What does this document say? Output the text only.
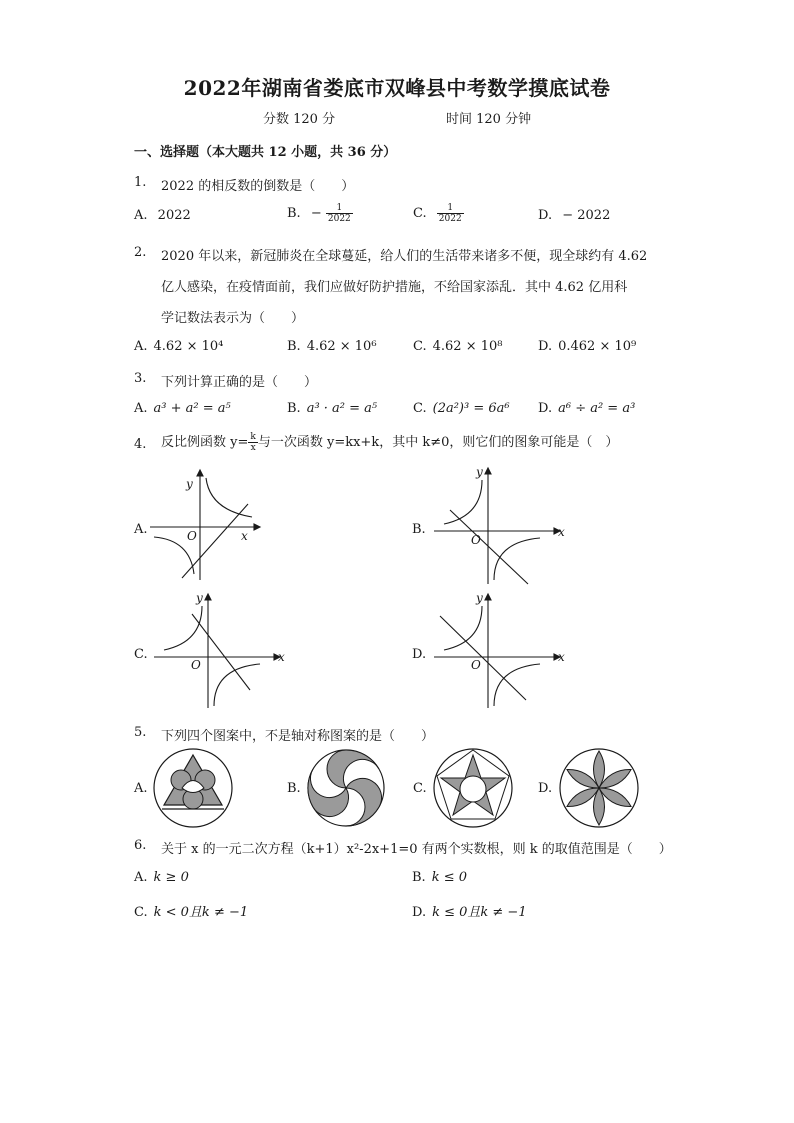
2022年湖南省娄底市双峰县中考数学摸底试卷
分数 120 分	时间 120 分钟
一、选择题（本大题共 12 小题，共 36 分）
1. 2022 的相反数的倒数是（　　）
A. 2022	B. − $\frac{1}{2022}$	C. $\frac{1}{2022}$	D. − 2022
2. 2020 年以来，新冠肺炎在全球蔓延，给人们的生活带来诸多不便，现全球约有 4.62
亿人感染，在疫情面前，我们应做好防护措施，不给国家添乱．其中 4.62 亿用科
学记数法表示为（　　）
A. 4.62 × 10⁴	B. 4.62 × 10⁶	C. 4.62 × 10⁸	D. 0.462 × 10⁹
3. 下列计算正确的是（　　）
A. a³ + a² = a⁵	B. a³ · a² = a⁵	C. (2a²)³ = 6a⁶ D. a⁶ ÷ a² = a³
4. 反比例函数 $y= \frac{k}{x}$ 与一次函数 y=kx+k，其中 k≠0，则它们的图象可能是（　）
A.	B.
C.	D.
y
O	x
y
O
x
y
O
x
y
O
x
5. 下列四个图案中，不是轴对称图案的是（　　）
A.	B.	C.	D.
6. 关于 x 的一元二次方程（k+1）x²-2x+1=0 有两个实数根，则 k 的取值范围是（　　）
A. k ≥ 0	B. k ≤ 0
C. k < 0且k ≠ −1	D. k ≤ 0且k ≠ −1
